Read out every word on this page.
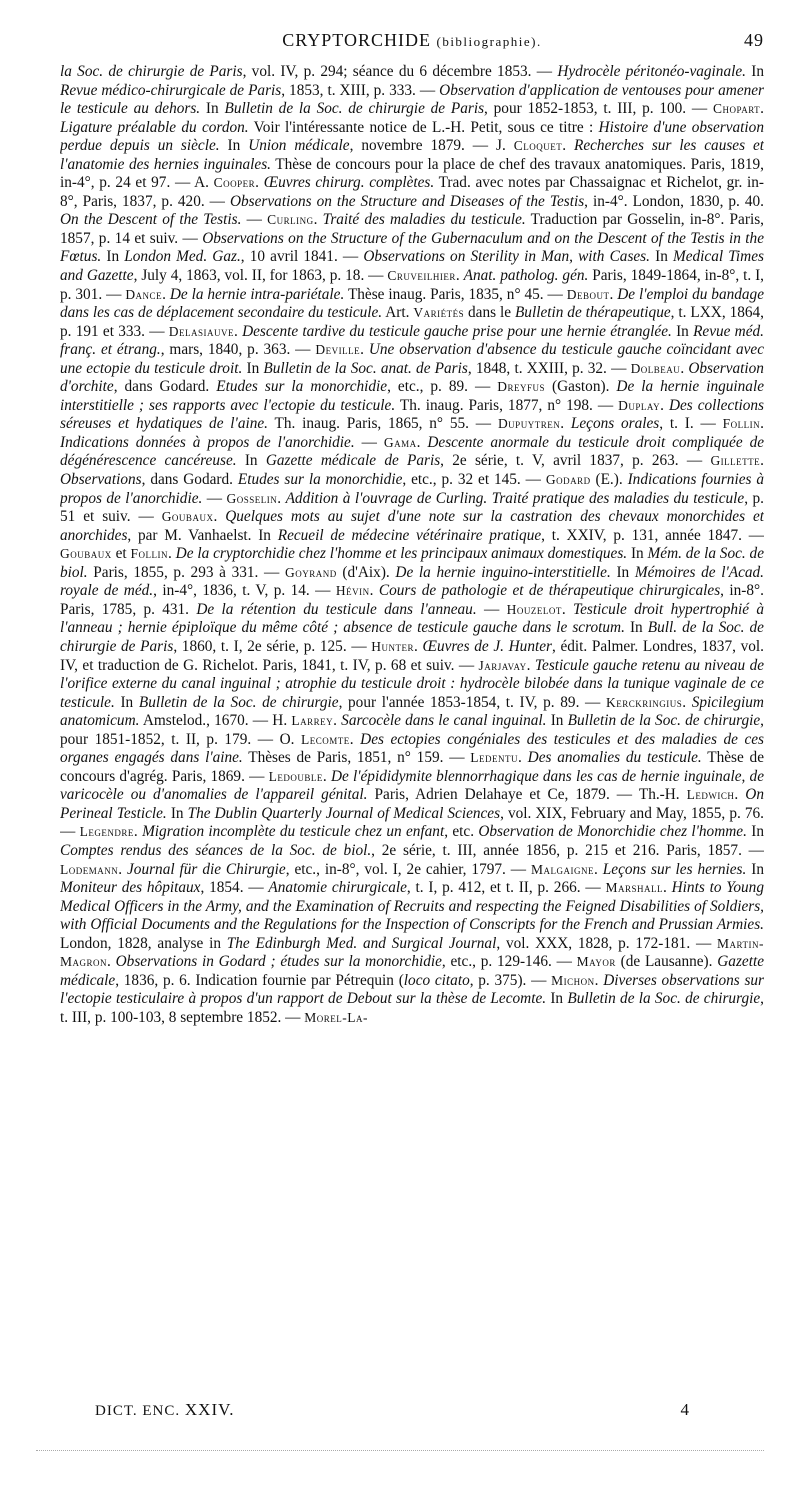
CRYPTORCHIDE (bibliographie).	49

la Soc. de chirurgie de Paris, vol. IV, p. 294; séance du 6 décembre 1853. — Hydrocèle péritonéo-vaginale. In Revue médico-chirurgicale de Paris, 1853, t. XIII, p. 333. — Observation d'application de ventouses pour amener le testicule au dehors. In Bulletin de la Soc. de chirurgie de Paris, pour 1852-1853, t. III, p. 100. — Chopart. Ligature préalable du cordon. Voir l'intéressante notice de L.-H. Petit, sous ce titre : Histoire d'une observation perdue depuis un siècle. In Union médicale, novembre 1879. — J. Cloquet. Recherches sur les causes et l'anatomie des hernies inguinales. Thèse de concours pour la place de chef des travaux anatomiques. Paris, 1819, in-4°, p. 24 et 97. — A. Cooper. Œuvres chirurg. complètes. Trad. avec notes par Chassaignac et Richelot, gr. in-8°, Paris, 1837, p. 420. — Observations on the Structure and Diseases of the Testis, in-4°. London, 1830, p. 40. On the Descent of the Testis. — Curling. Traité des maladies du testicule. Traduction par Gosselin, in-8°. Paris, 1857, p. 14 et suiv. — Observations on the Structure of the Gubernaculum and on the Descent of the Testis in the Fœtus. In London Med. Gaz., 10 avril 1841. — Observations on Sterility in Man, with Cases. In Medical Times and Gazette, July 4, 1863, vol. II, for 1863, p. 18. — Cruveilhier. Anat. patholog. gén. Paris, 1849-1864, in-8°, t. I, p. 301. — Dance. De la hernie intra-pariétale. Thèse inaug. Paris, 1835, n° 45. — Debout. De l'emploi du bandage dans les cas de déplacement secondaire du testicule. Art. Variétés dans le Bulletin de thérapeutique, t. LXX, 1864, p. 191 et 333. — Delasiauve. Descente tardive du testicule gauche prise pour une hernie étranglée. In Revue méd. franç. et étrang., mars, 1840, p. 363. — Deville. Une observation d'absence du testicule gauche coïncidant avec une ectopie du testicule droit. In Bulletin de la Soc. anat. de Paris, 1848, t. XXIII, p. 32. — Dolbeau. Observation d'orchite, dans Godard. Etudes sur la monorchidie, etc., p. 89. — Dreyfus (Gaston). De la hernie inguinale interstitielle ; ses rapports avec l'ectopie du testicule. Th. inaug. Paris, 1877, n° 198. — Duplay. Des collections séreuses et hydatiques de l'aine. Th. inaug. Paris, 1865, n° 55. — Dupuytren. Leçons orales, t. I. — Follin. Indications données à propos de l'anorchidie. — Gama. Descente anormale du testicule droit compliquée de dégénérescence cancéreuse. In Gazette médicale de Paris, 2e série, t. V, avril 1837, p. 263. — Gillette. Observations, dans Godard. Etudes sur la monorchidie, etc., p. 32 et 145. — Godard (E.). Indications fournies à propos de l'anorchidie. — Gosselin. Addition à l'ouvrage de Curling. Traité pratique des maladies du testicule, p. 51 et suiv. — Goubaux. Quelques mots au sujet d'une note sur la castration des chevaux monorchides et anorchides, par M. Vanhaelst. In Recueil de médecine vétérinaire pratique, t. XXIV, p. 131, année 1847. — Goubaux et Follin. De la cryptorchidie chez l'homme et les principaux animaux domestiques. In Mém. de la Soc. de biol. Paris, 1855, p. 293 à 331. — Goyrand (d'Aix). De la hernie inguino-interstitielle. In Mémoires de l'Acad. royale de méd., in-4°, 1836, t. V, p. 14. — Hévin. Cours de pathologie et de thérapeutique chirurgicales, in-8°. Paris, 1785, p. 431. De la rétention du testicule dans l'anneau. — Houzelot. Testicule droit hypertrophié à l'anneau ; hernie épiploïque du même côté ; absence de testicule gauche dans le scrotum. In Bull. de la Soc. de chirurgie de Paris, 1860, t. I, 2e série, p. 125. — Hunter. Œuvres de J. Hunter, édit. Palmer. Londres, 1837, vol. IV, et traduction de G. Richelot. Paris, 1841, t. IV, p. 68 et suiv. — Jarjavay. Testicule gauche retenu au niveau de l'orifice externe du canal inguinal ; atrophie du testicule droit : hydrocèle bilobée dans la tunique vaginale de ce testicule. In Bulletin de la Soc. de chirurgie, pour l'année 1853-1854, t. IV, p. 89. — Kerckringius. Spicilegium anatomicum. Amstelod., 1670. — H. Larrey. Sarcocèle dans le canal inguinal. In Bulletin de la Soc. de chirurgie, pour 1851-1852, t. II, p. 179. — O. Lecomte. Des ectopies congéniales des testicules et des maladies de ces organes engagés dans l'aine. Thèses de Paris, 1851, n° 159. — Ledentu. Des anomalies du testicule. Thèse de concours d'agrég. Paris, 1869. — Ledouble. De l'épididymite blennorrhagique dans les cas de hernie inguinale, de varicocèle ou d'anomalies de l'appareil génital. Paris, Adrien Delahaye et Ce, 1879. — Th.-H. Ledwich. On Perineal Testicle. In The Dublin Quarterly Journal of Medical Sciences, vol. XIX, February and May, 1855, p. 76. — Legendre. Migration incomplète du testicule chez un enfant, etc. Observation de Monorchidie chez l'homme. In Comptes rendus des séances de la Soc. de biol., 2e série, t. III, année 1856, p. 215 et 216. Paris, 1857. — Lodemann. Journal für die Chirurgie, etc., in-8°, vol. I, 2e cahier, 1797. — Malgaigne. Leçons sur les hernies. In Moniteur des hôpitaux, 1854. — Anatomie chirurgicale, t. I, p. 412, et t. II, p. 266. — Marshall. Hints to Young Medical Officers in the Army, and the Examination of Recruits and respecting the Feigned Disabilities of Soldiers, with Official Documents and the Regulations for the Inspection of Conscripts for the French and Prussian Armies. London, 1828, analyse in The Edinburgh Med. and Surgical Journal, vol. XXX, 1828, p. 172-181. — Martin-Magron. Observations in Godard ; études sur la monorchidie, etc., p. 129-146. — Mayor (de Lausanne). Gazette médicale, 1836, p. 6. Indication fournie par Pétrequin (loco citato, p. 375). — Michon. Diverses observations sur l'ectopie testiculaire à propos d'un rapport de Debout sur la thèse de Lecomte. In Bulletin de la Soc. de chirurgie, t. III, p. 100-103, 8 septembre 1852. — Morel-La-

DICT. ENC. XXIV.	4
